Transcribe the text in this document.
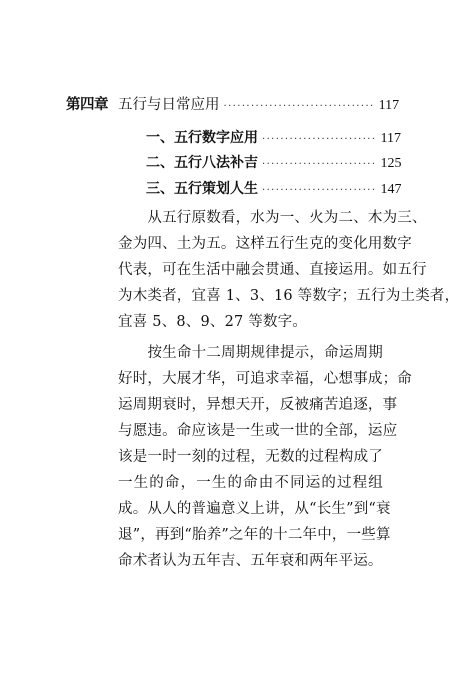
第四章 五行与日常应用 ································· 117
一、五行数字应用 ························· 117
二、五行八法补吉 ························· 125
三、五行策划人生 ························· 147
　　从五行原数看，水为一、火为二、木为三、
金为四、土为五。这样五行生克的变化用数字
代表，可在生活中融会贯通、直接运用。如五行
为木类者，宜喜 1、3、16 等数字；五行为土类者，
宜喜 5、8、9、27 等数字。
　　按生命十二周期规律提示，命运周期
好时，大展才华，可追求幸福，心想事成；命
运周期衰时，异想天开，反被痛苦追逐，事
与愿违。命应该是一生或一世的全部，运应
该是一时一刻的过程，无数的过程构成了
一生的命，一生的命由不同运的过程组
成。从人的普遍意义上讲，从“长生”到“衰
退”，再到“胎养”之年的十二年中，一些算
命术者认为五年吉、五年衰和两年平运。
